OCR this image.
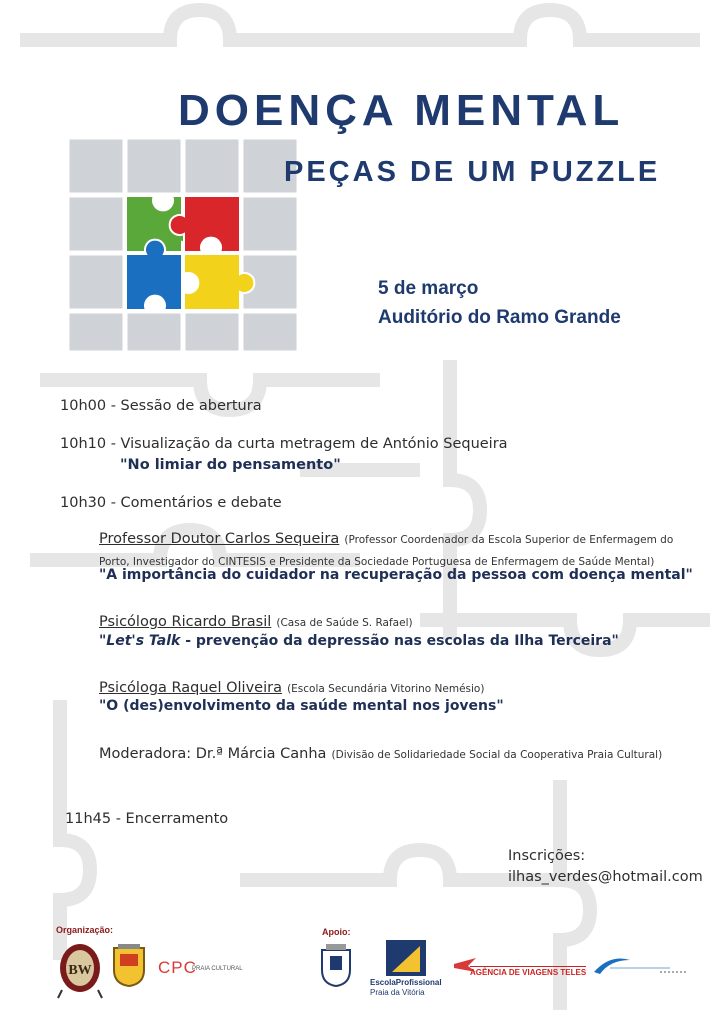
DOENÇA MENTAL
PEÇAS DE UM PUZZLE
5 de março
Auditório do Ramo Grande
10h00 - Sessão de abertura
10h10 - Visualização da curta metragem de António Sequeira
"No limiar do pensamento"
10h30 - Comentários e debate
Professor Doutor Carlos Sequeira (Professor Coordenador da Escola Superior de Enfermagem do
Porto, Investigador do CINTESIS e Presidente da Sociedade Portuguesa de Enfermagem de Saúde Mental)
"A importância do cuidador na recuperação da pessoa com doença mental"
Psicólogo Ricardo Brasil (Casa de Saúde S. Rafael)
"Let's Talk - prevenção da depressão nas escolas da Ilha Terceira"
Psicóloga Raquel Oliveira (Escola Secundária Vitorino Nemésio)
"O (des)envolvimento da saúde mental nos jovens"
Moderadora: Dr.ª Márcia Canha (Divisão de Solidariedade Social da Cooperativa Praia Cultural)
11h45 - Encerramento
Inscrições:
ilhas_verdes@hotmail.com
Organização:	Apoio:
BW	CPC
PRAIA CULTURAL
EscolaProfissional
Praia da Vitória
AGÊNCIA DE VIAGENS TELES
